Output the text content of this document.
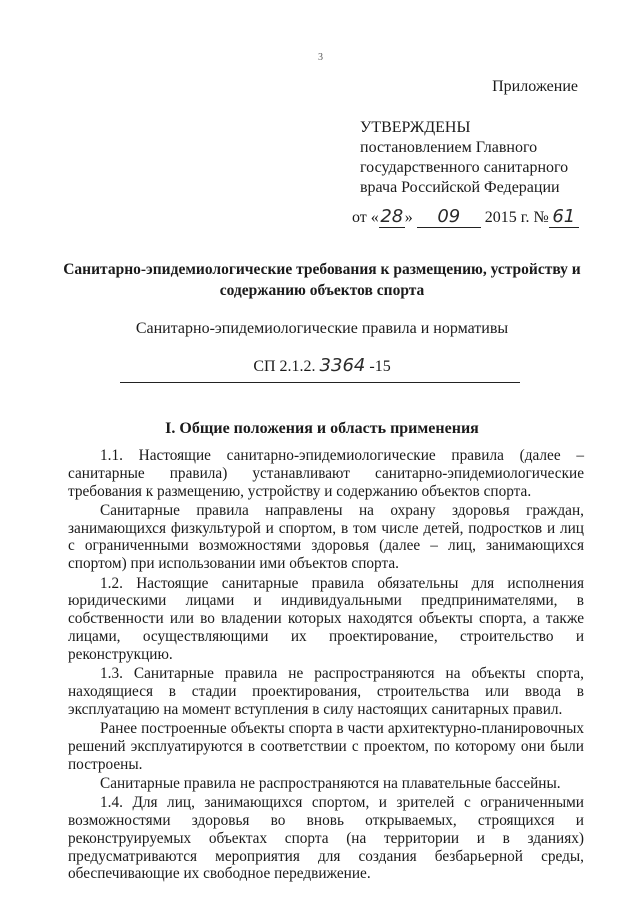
3
Приложение
УТВЕРЖДЕНЫ
постановлением Главного
государственного санитарного
врача Российской Федерации
от «28» 09 2015 г. № 61
Санитарно-эпидемиологические требования к размещению, устройству и
содержанию объектов спорта
Санитарно-эпидемиологические правила и нормативы
СП 2.1.2. 3364 -15
I. Общие положения и область применения

1.1. Настоящие санитарно-эпидемиологические правила (далее – санитарные правила) устанавливают санитарно-эпидемиологические требования к размещению, устройству и содержанию объектов спорта.

Санитарные правила направлены на охрану здоровья граждан, занимающихся физкультурой и спортом, в том числе детей, подростков и лиц с ограниченными возможностями здоровья (далее – лиц, занимающихся спортом) при использовании ими объектов спорта.

1.2. Настоящие санитарные правила обязательны для исполнения юридическими лицами и индивидуальными предпринимателями, в собственности или во владении которых находятся объекты спорта, а также лицами, осуществляющими их проектирование, строительство и реконструкцию.

1.3. Санитарные правила не распространяются на объекты спорта, находящиеся в стадии проектирования, строительства или ввода в эксплуатацию на момент вступления в силу настоящих санитарных правил.

Ранее построенные объекты спорта в части архитектурно-планировочных решений эксплуатируются в соответствии с проектом, по которому они были построены.

Санитарные правила не распространяются на плавательные бассейны.

1.4. Для лиц, занимающихся спортом, и зрителей с ограниченными возможностями здоровья во вновь открываемых, строящихся и реконструируемых объектах спорта (на территории и в зданиях) предусматриваются мероприятия для создания безбарьерной среды, обеспечивающие их свободное передвижение.
